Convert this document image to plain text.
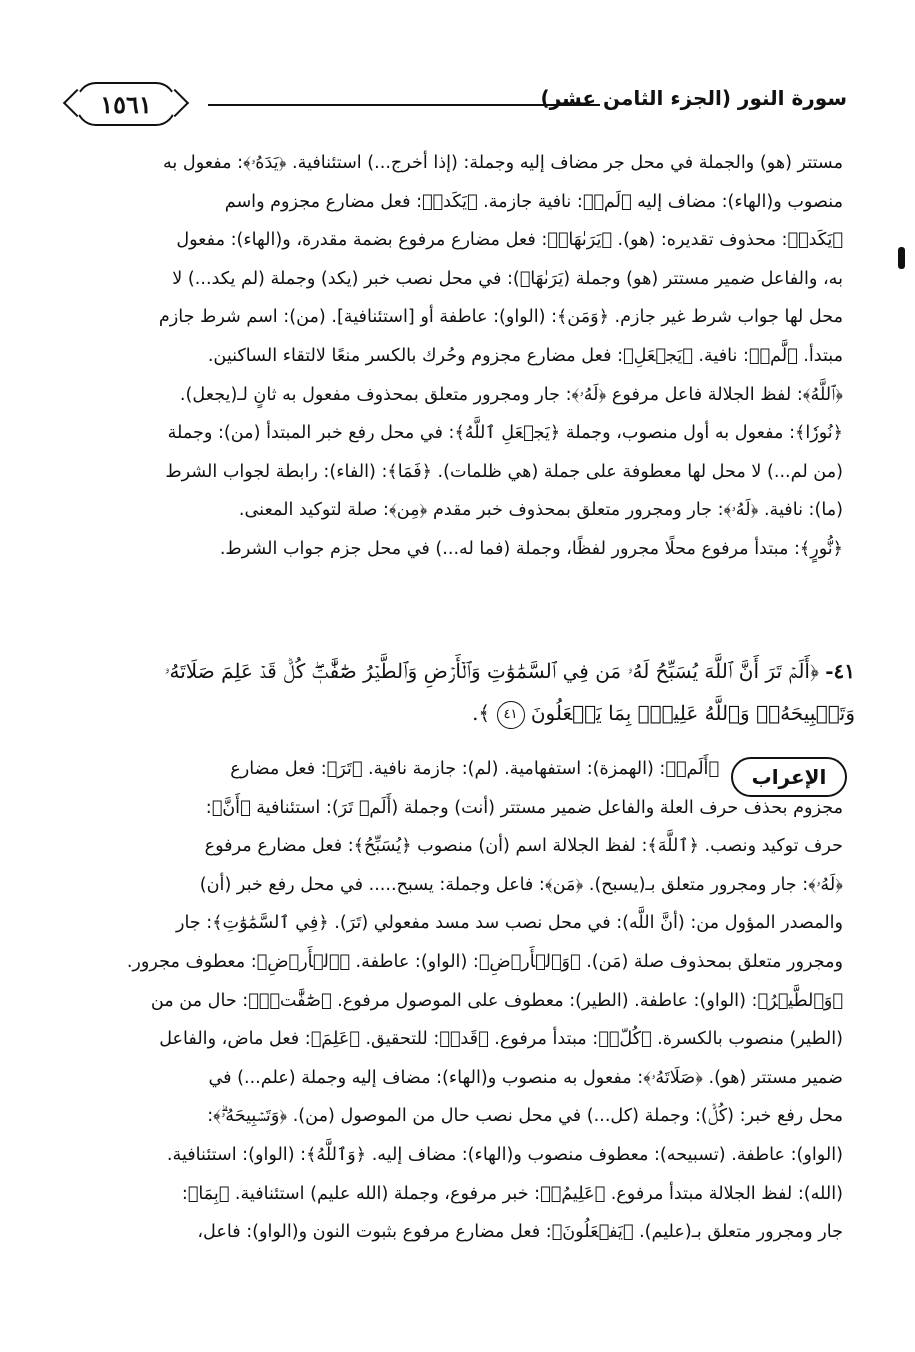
سورة النور (الجزء الثامن عشر)
١٥٦١

مستتر (هو) والجملة في محل جر مضاف إليه وجملة: (إذا أخرج...) استئنافية. ﴿يَدَهُۥ﴾: مفعول به

منصوب و(الهاء): مضاف إليه ﴿لَمۡ﴾: نافية جازمة. ﴿يَكَدۡ﴾: فعل مضارع مجزوم واسم

﴿يَكَدۡ﴾: محذوف تقديره: (هو). ﴿يَرَىٰهَاۗ﴾: فعل مضارع مرفوع بضمة مقدرة، و(الهاء): مفعول

به، والفاعل ضمير مستتر (هو) وجملة (يَرَىٰهَاۗ): في محل نصب خبر (يكد) وجملة (لم يكد...) لا

محل لها جواب شرط غير جازم. ﴿وَمَن﴾: (الواو): عاطفة أو [استئنافية]. (من): اسم شرط جازم

مبتدأ. ﴿لَّمۡ﴾: نافية. ﴿يَجۡعَلِ﴾: فعل مضارع مجزوم وحُرك بالكسر منعًا لالتقاء الساكنين.

﴿ٱللَّهُ﴾: لفظ الجلالة فاعل مرفوع ﴿لَهُۥ﴾: جار ومجرور متعلق بمحذوف مفعول به ثانٍ لـ(يجعل).

﴿نُورٗا﴾: مفعول به أول منصوب، وجملة ﴿يَجۡعَلِ ٱللَّهُ﴾: في محل رفع خبر المبتدأ (من): وجملة

(من لم...) لا محل لها معطوفة على جملة (هي ظلمات). ﴿فَمَا﴾: (الفاء): رابطة لجواب الشرط

(ما): نافية. ﴿لَهُۥ﴾: جار ومجرور متعلق بمحذوف خبر مقدم ﴿مِن﴾: صلة لتوكيد المعنى.

﴿نُّورٍ﴾: مبتدأ مرفوع محلًا مجرور لفظًا، وجملة (فما له...) في محل جزم جواب الشرط.

٤١- ﴿أَلَمۡ تَرَ أَنَّ ٱللَّهَ يُسَبِّحُ لَهُۥ مَن فِي ٱلسَّمَٰوَٰتِ وَٱلۡأَرۡضِ وَٱلطَّيۡرُ صَٰٓفَّٰتٖۖ كُلّٞ قَدۡ عَلِمَ صَلَاتَهُۥ

وَتَسۡبِيحَهُۥۗ وَٱللَّهُ عَلِيمُۢ بِمَا يَفۡعَلُونَ ٤١ ﴾.

الإعراب

﴿أَلَمۡ﴾: (الهمزة): استفهامية. (لم): جازمة نافية. ﴿تَرَ﴾: فعل مضارع

مجزوم بحذف حرف العلة والفاعل ضمير مستتر (أنت) وجملة (أَلَمۡ تَرَ): استئنافية ﴿أَنَّ﴾:

حرف توكيد ونصب. ﴿ٱللَّهَ﴾: لفظ الجلالة اسم (أن) منصوب ﴿يُسَبِّحُ﴾: فعل مضارع مرفوع

﴿لَهُۥ﴾: جار ومجرور متعلق بـ(يسبح). ﴿مَن﴾: فاعل وجملة: يسبح..... في محل رفع خبر (أن)

والمصدر المؤول من: (أنَّ اللَّه): في محل نصب سد مسد مفعولي (تَرَ). ﴿فِي ٱلسَّمَٰوَٰتِ﴾: جار

ومجرور متعلق بمحذوف صلة (مَن). ﴿وَٱلۡأَرۡضِ﴾: (الواو): عاطفة. ﴿ٱلۡأَرۡضِ﴾: معطوف مجرور.

﴿وَٱلطَّيۡرُ﴾: (الواو): عاطفة. (الطير): معطوف على الموصول مرفوع. ﴿صَٰٓفَّٰتٖۖ﴾: حال من من

(الطير) منصوب بالكسرة. ﴿كُلّٞ﴾: مبتدأ مرفوع. ﴿قَدۡ﴾: للتحقيق. ﴿عَلِمَ﴾: فعل ماض، والفاعل

ضمير مستتر (هو). ﴿صَلَاتَهُۥ﴾: مفعول به منصوب و(الهاء): مضاف إليه وجملة (علم...) في

محل رفع خبر: (كُلّٞ): وجملة (كل...) في محل نصب حال من الموصول (من). ﴿وَتَسۡبِيحَهُۥۗ﴾:

(الواو): عاطفة. (تسبيحه): معطوف منصوب و(الهاء): مضاف إليه. ﴿وَٱللَّهُ﴾: (الواو): استئنافية.

(الله): لفظ الجلالة مبتدأ مرفوع. ﴿عَلِيمُۢ﴾: خبر مرفوع، وجملة (الله عليم) استئنافية. ﴿بِمَا﴾:

جار ومجرور متعلق بـ(عليم). ﴿يَفۡعَلُونَ﴾: فعل مضارع مرفوع بثبوت النون و(الواو): فاعل،
